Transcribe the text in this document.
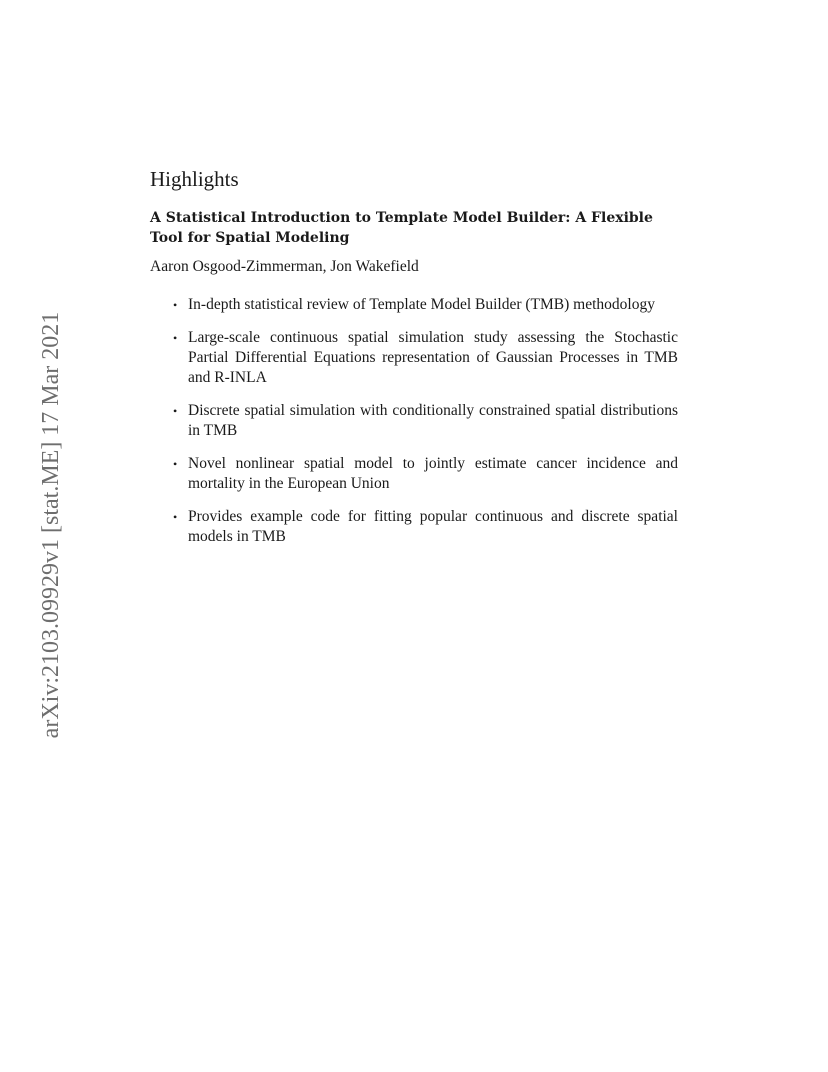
arXiv:2103.09929v1 [stat.ME] 17 Mar 2021
Highlights
A Statistical Introduction to Template Model Builder: A Flexible Tool for Spatial Modeling
Aaron Osgood-Zimmerman, Jon Wakefield
• In-depth statistical review of Template Model Builder (TMB) methodology
• Large-scale continuous spatial simulation study assessing the Stochastic Partial Differential Equations representation of Gaussian Processes in TMB and R-INLA
• Discrete spatial simulation with conditionally constrained spatial distributions in TMB
• Novel nonlinear spatial model to jointly estimate cancer incidence and mortality in the European Union
• Provides example code for fitting popular continuous and discrete spatial models in TMB
